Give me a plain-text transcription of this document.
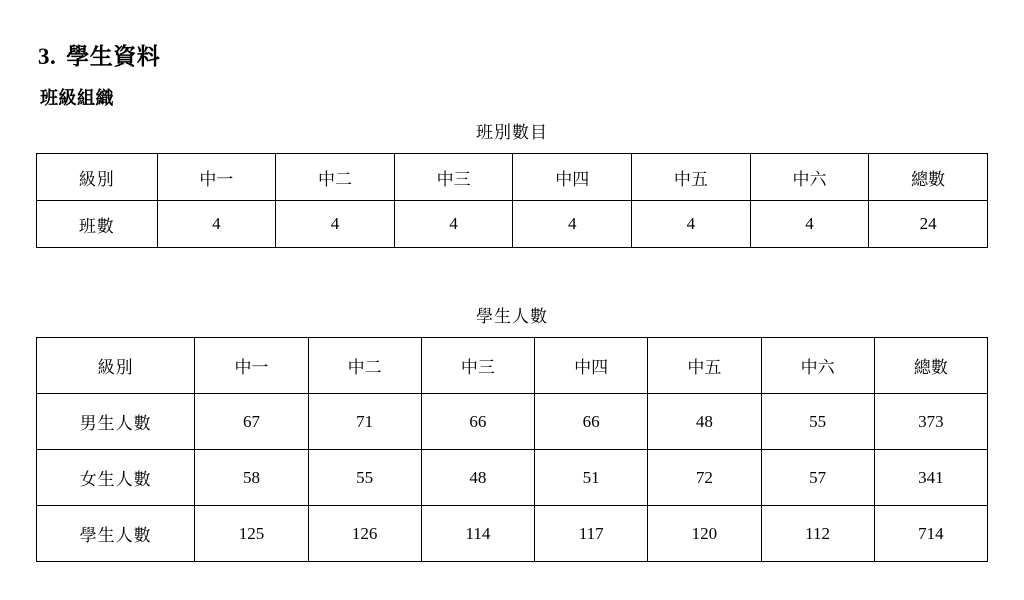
3. 學生資料
班級組織
班別數目
級別	中一	中二	中三	中四	中五	中六	總數
班數	4	4	4	4	4	4	24
學生人數
級別	中一	中二	中三	中四	中五	中六	總數
男生人數	67	71	66	66	48	55	373
女生人數	58	55	48	51	72	57	341
學生人數	125	126	114	117	120	112	714
